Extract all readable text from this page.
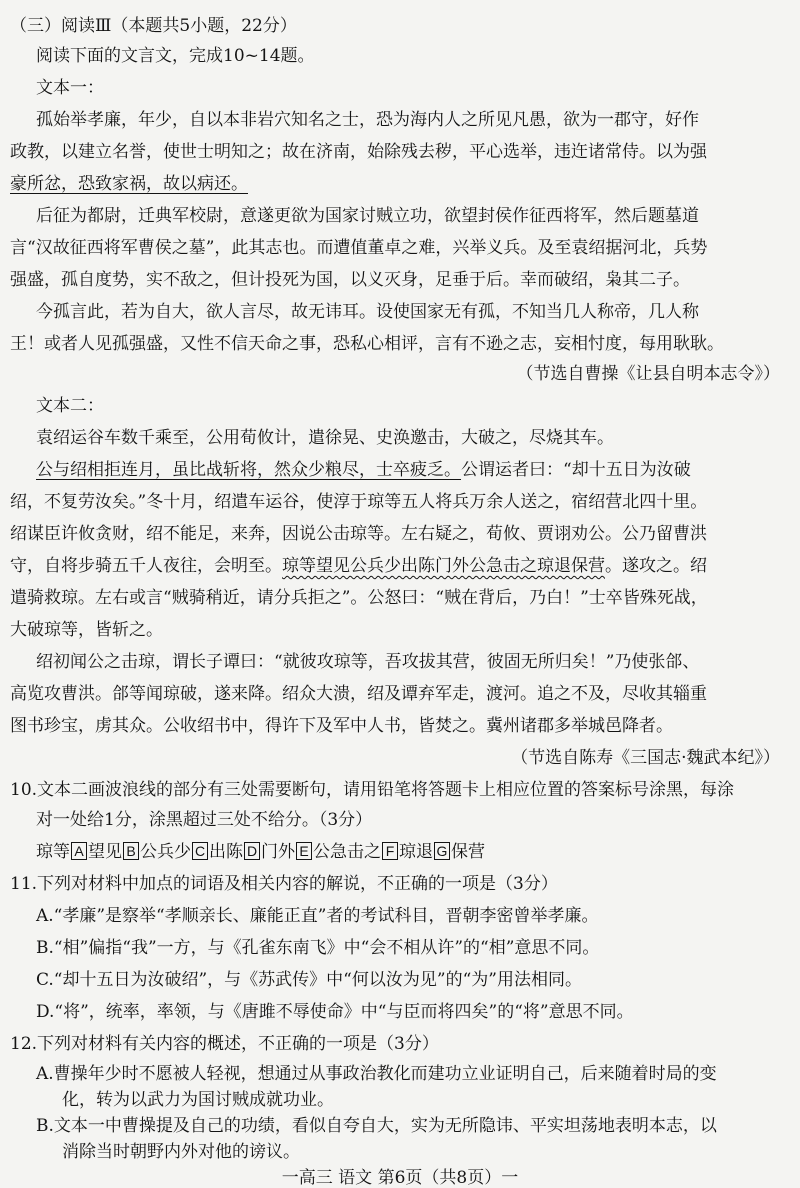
（三）阅读Ⅲ（本题共5小题，22分）
阅读下面的文言文，完成10~14题。
文本一：
孤始举孝廉，年少，自以本非岩穴知名之士，恐为海内人之所见凡愚，欲为一郡守，好作
政教，以建立名誉，使世士明知之；故在济南，始除残去秽，平心选举，违迕诸常侍。以为强
豪所忿，恐致家祸，故以病还。
后征为都尉，迁典军校尉，意遂更欲为国家讨贼立功，欲望封侯作征西将军，然后题墓道
言“汉故征西将军曹侯之墓”，此其志也。而遭值董卓之难，兴举义兵。及至袁绍据河北，兵势
强盛，孤自度势，实不敌之，但计投死为国，以义灭身，足垂于后。幸而破绍，枭其二子。
今孤言此，若为自大，欲人言尽，故无讳耳。设使国家无有孤，不知当几人称帝，几人称
王！或者人见孤强盛，又性不信天命之事，恐私心相评，言有不逊之志，妄相忖度，每用耿耿。
（节选自曹操《让县自明本志令》）
文本二：
袁绍运谷车数千乘至，公用荀攸计，遣徐晃、史涣邀击，大破之，尽烧其车。
公与绍相拒连月，虽比战斩将，然众少粮尽，士卒疲乏。公谓运者曰：“却十五日为汝破
绍，不复劳汝矣。”冬十月，绍遣车运谷，使淳于琼等五人将兵万余人送之，宿绍营北四十里。
绍谋臣许攸贪财，绍不能足，来奔，因说公击琼等。左右疑之，荀攸、贾诩劝公。公乃留曹洪
守，自将步骑五千人夜往，会明至。琼等望见公兵少出陈门外公急击之琼退保营。遂攻之。绍
遣骑救琼。左右或言“贼骑稍近，请分兵拒之”。公怒曰：“贼在背后，乃白！”士卒皆殊死战，
大破琼等，皆斩之。
绍初闻公之击琼，谓长子谭曰：“就彼攻琼等，吾攻拔其营，彼固无所归矣！”乃使张郃、
高览攻曹洪。郃等闻琼破，遂来降。绍众大溃，绍及谭弃军走，渡河。追之不及，尽收其辎重
图书珍宝，虏其众。公收绍书中，得许下及军中人书，皆焚之。冀州诸郡多举城邑降者。
（节选自陈寿《三国志·魏武本纪》）
10.文本二画波浪线的部分有三处需要断句，请用铅笔将答题卡上相应位置的答案标号涂黑，每涂
对一处给1分，涂黑超过三处不给分。（3分）
琼等 A 望见 B 公兵少 C 出陈 D 门外 E 公急击之 F 琼退 G 保营
11.下列对材料中加点的词语及相关内容的解说，不正确的一项是（3分）
A.“孝廉”是察举“孝顺亲长、廉能正直”者的考试科目，晋朝李密曾举孝廉。
B.“相”偏指“我”一方，与《孔雀东南飞》中“会不相从许”的“相”意思不同。
C.“却十五日为汝破绍”，与《苏武传》中“何以汝为见”的“为”用法相同。
D.“将”，统率，率领，与《唐雎不辱使命》中“与臣而将四矣”的“将”意思不同。
12.下列对材料有关内容的概述，不正确的一项是（3分）
A.曹操年少时不愿被人轻视，想通过从事政治教化而建功立业证明自己，后来随着时局的变
化，转为以武力为国讨贼成就功业。
B.文本一中曹操提及自己的功绩，看似自夸自大，实为无所隐讳、平实坦荡地表明本志，以
消除当时朝野内外对他的谤议。
一高三 语文 第6页（共8页）一
